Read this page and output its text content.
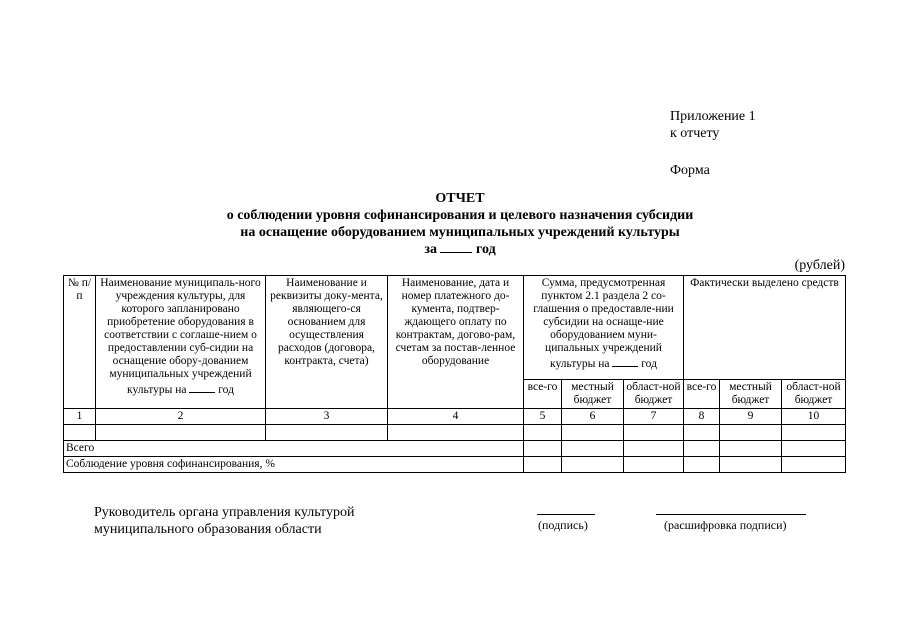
Приложение 1
к отчету
Форма
ОТЧЕТ
о соблюдении уровня софинансирования и целевого назначения субсидии
на оснащение оборудованием муниципальных учреждений культуры
за	год
(рублей)
№ п/п	Наименование муниципаль-ного учреждения культуры, для которого запланировано приобретение оборудования в соответствии с соглаше-нием о предоставлении суб-сидии на оснащение обору-дованием муниципальных учреждений культуры на год	Наименование и реквизиты доку-мента, являющего-ся основанием для осуществления расходов (договора, контракта, счета)	Наименование, дата и номер платежного до-кумента, подтвер-ждающего оплату по контрактам, догово-рам, счетам за постав-ленное оборудование	Сумма, предусмотренная пунктом 2.1 раздела 2 со-глашения о предоставле-нии субсидии на оснаще-ние оборудованием муни-ципальных учреждений культуры на год			Фактически выделено средств		
				все-го	местный бюджет	област-ной бюджет	все-го	местный бюджет	област-ной бюджет
1	2	3	4	5	6	7	8	9	10

Всего									
Соблюдение уровня софинансирования, %									
Руководитель органа управления культурой
муниципального образования области	(подпись)	(расшифровка подписи)
